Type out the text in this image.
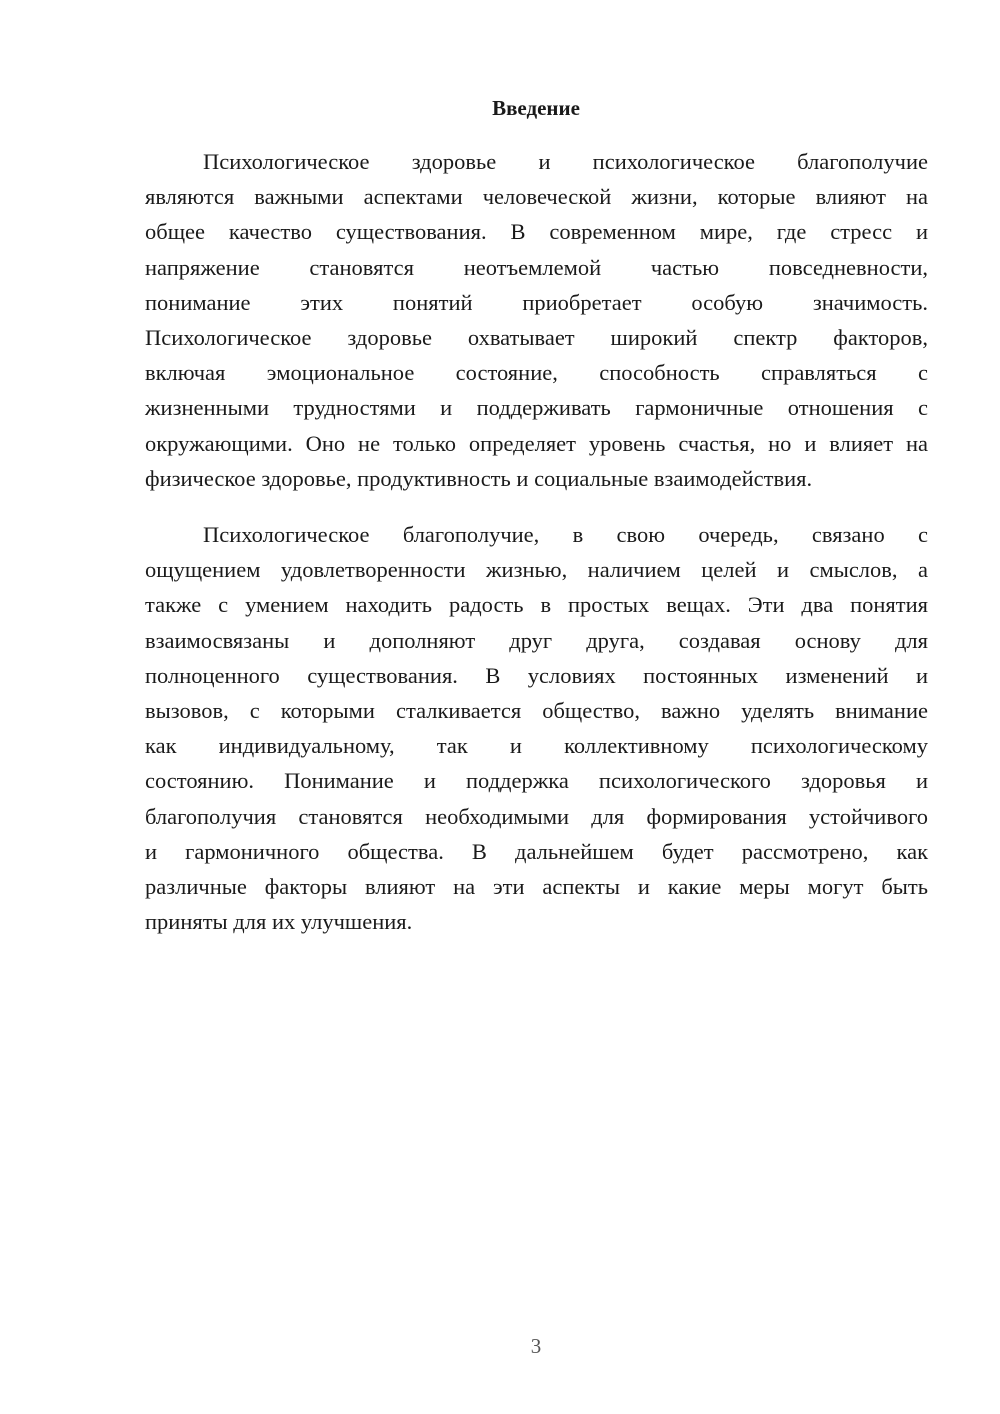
Введение
Психологическое здоровье и психологическое благополучие
являются важными аспектами человеческой жизни, которые влияют на
общее качество существования. В современном мире, где стресс и
напряжение становятся неотъемлемой частью повседневности,
понимание этих понятий приобретает особую значимость.
Психологическое здоровье охватывает широкий спектр факторов,
включая эмоциональное состояние, способность справляться с
жизненными трудностями и поддерживать гармоничные отношения с
окружающими. Оно не только определяет уровень счастья, но и влияет на
физическое здоровье, продуктивность и социальные взаимодействия.
Психологическое благополучие, в свою очередь, связано с
ощущением удовлетворенности жизнью, наличием целей и смыслов, а
также с умением находить радость в простых вещах. Эти два понятия
взаимосвязаны и дополняют друг друга, создавая основу для
полноценного существования. В условиях постоянных изменений и
вызовов, с которыми сталкивается общество, важно уделять внимание
как индивидуальному, так и коллективному психологическому
состоянию. Понимание и поддержка психологического здоровья и
благополучия становятся необходимыми для формирования устойчивого
и гармоничного общества. В дальнейшем будет рассмотрено, как
различные факторы влияют на эти аспекты и какие меры могут быть
приняты для их улучшения.
3
